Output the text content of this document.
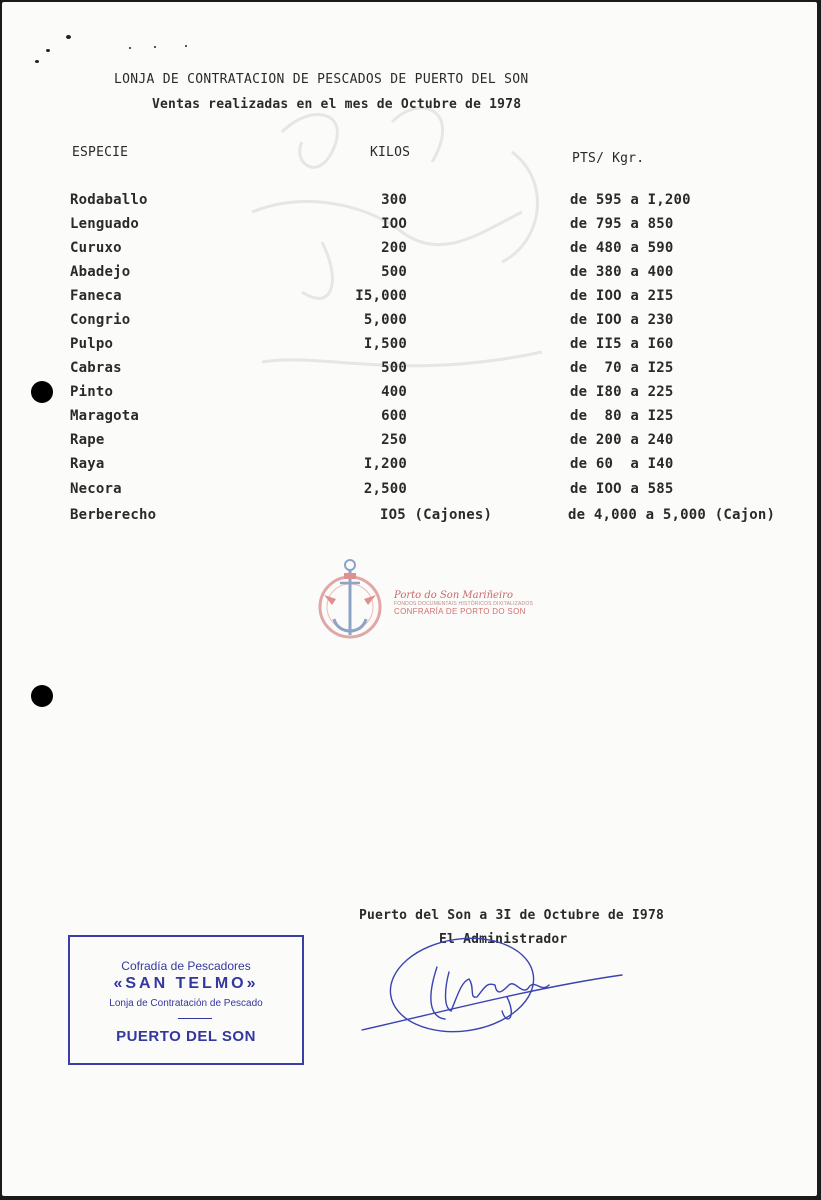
LONJA DE CONTRATACION DE PESCADOS DE PUERTO DEL SON
Ventas realizadas en el mes de Octubre de 1978
ESPECIE	KILOS	PTS/ Kgr.
Rodaballo	300	de 595 a I,200
Lenguado	IOO	de 795 a 850
Curuxo	200	de 480 a 590
Abadejo	500	de 380 a 400
Faneca	I5,000	de IOO a 2I5
Congrio	5,000	de IOO a 230
Pulpo	I,500	de II5 a I60
Cabras	500	de  70 a I25
Pinto	400	de I80 a 225
Maragota	600	de  80 a I25
Rape	250	de 200 a 240
Raya	I,200	de 60  a I40
Necora	2,500	de IOO a 585
Berberecho	IO5 (Cajones)	de 4,000 a 5,000 (Cajon)
Porto do Son Mariñeiro
FONDOS DOCUMENTAIS HISTÓRICOS DIXITALIZADOS
CONFRARÍA DE PORTO DO SON
Puerto del Son a 3I de Octubre de I978
El Administrador
Cofradía de Pescadores
«SAN TELMO»
Lonja de Contratación de Pescado
PUERTO DEL SON
